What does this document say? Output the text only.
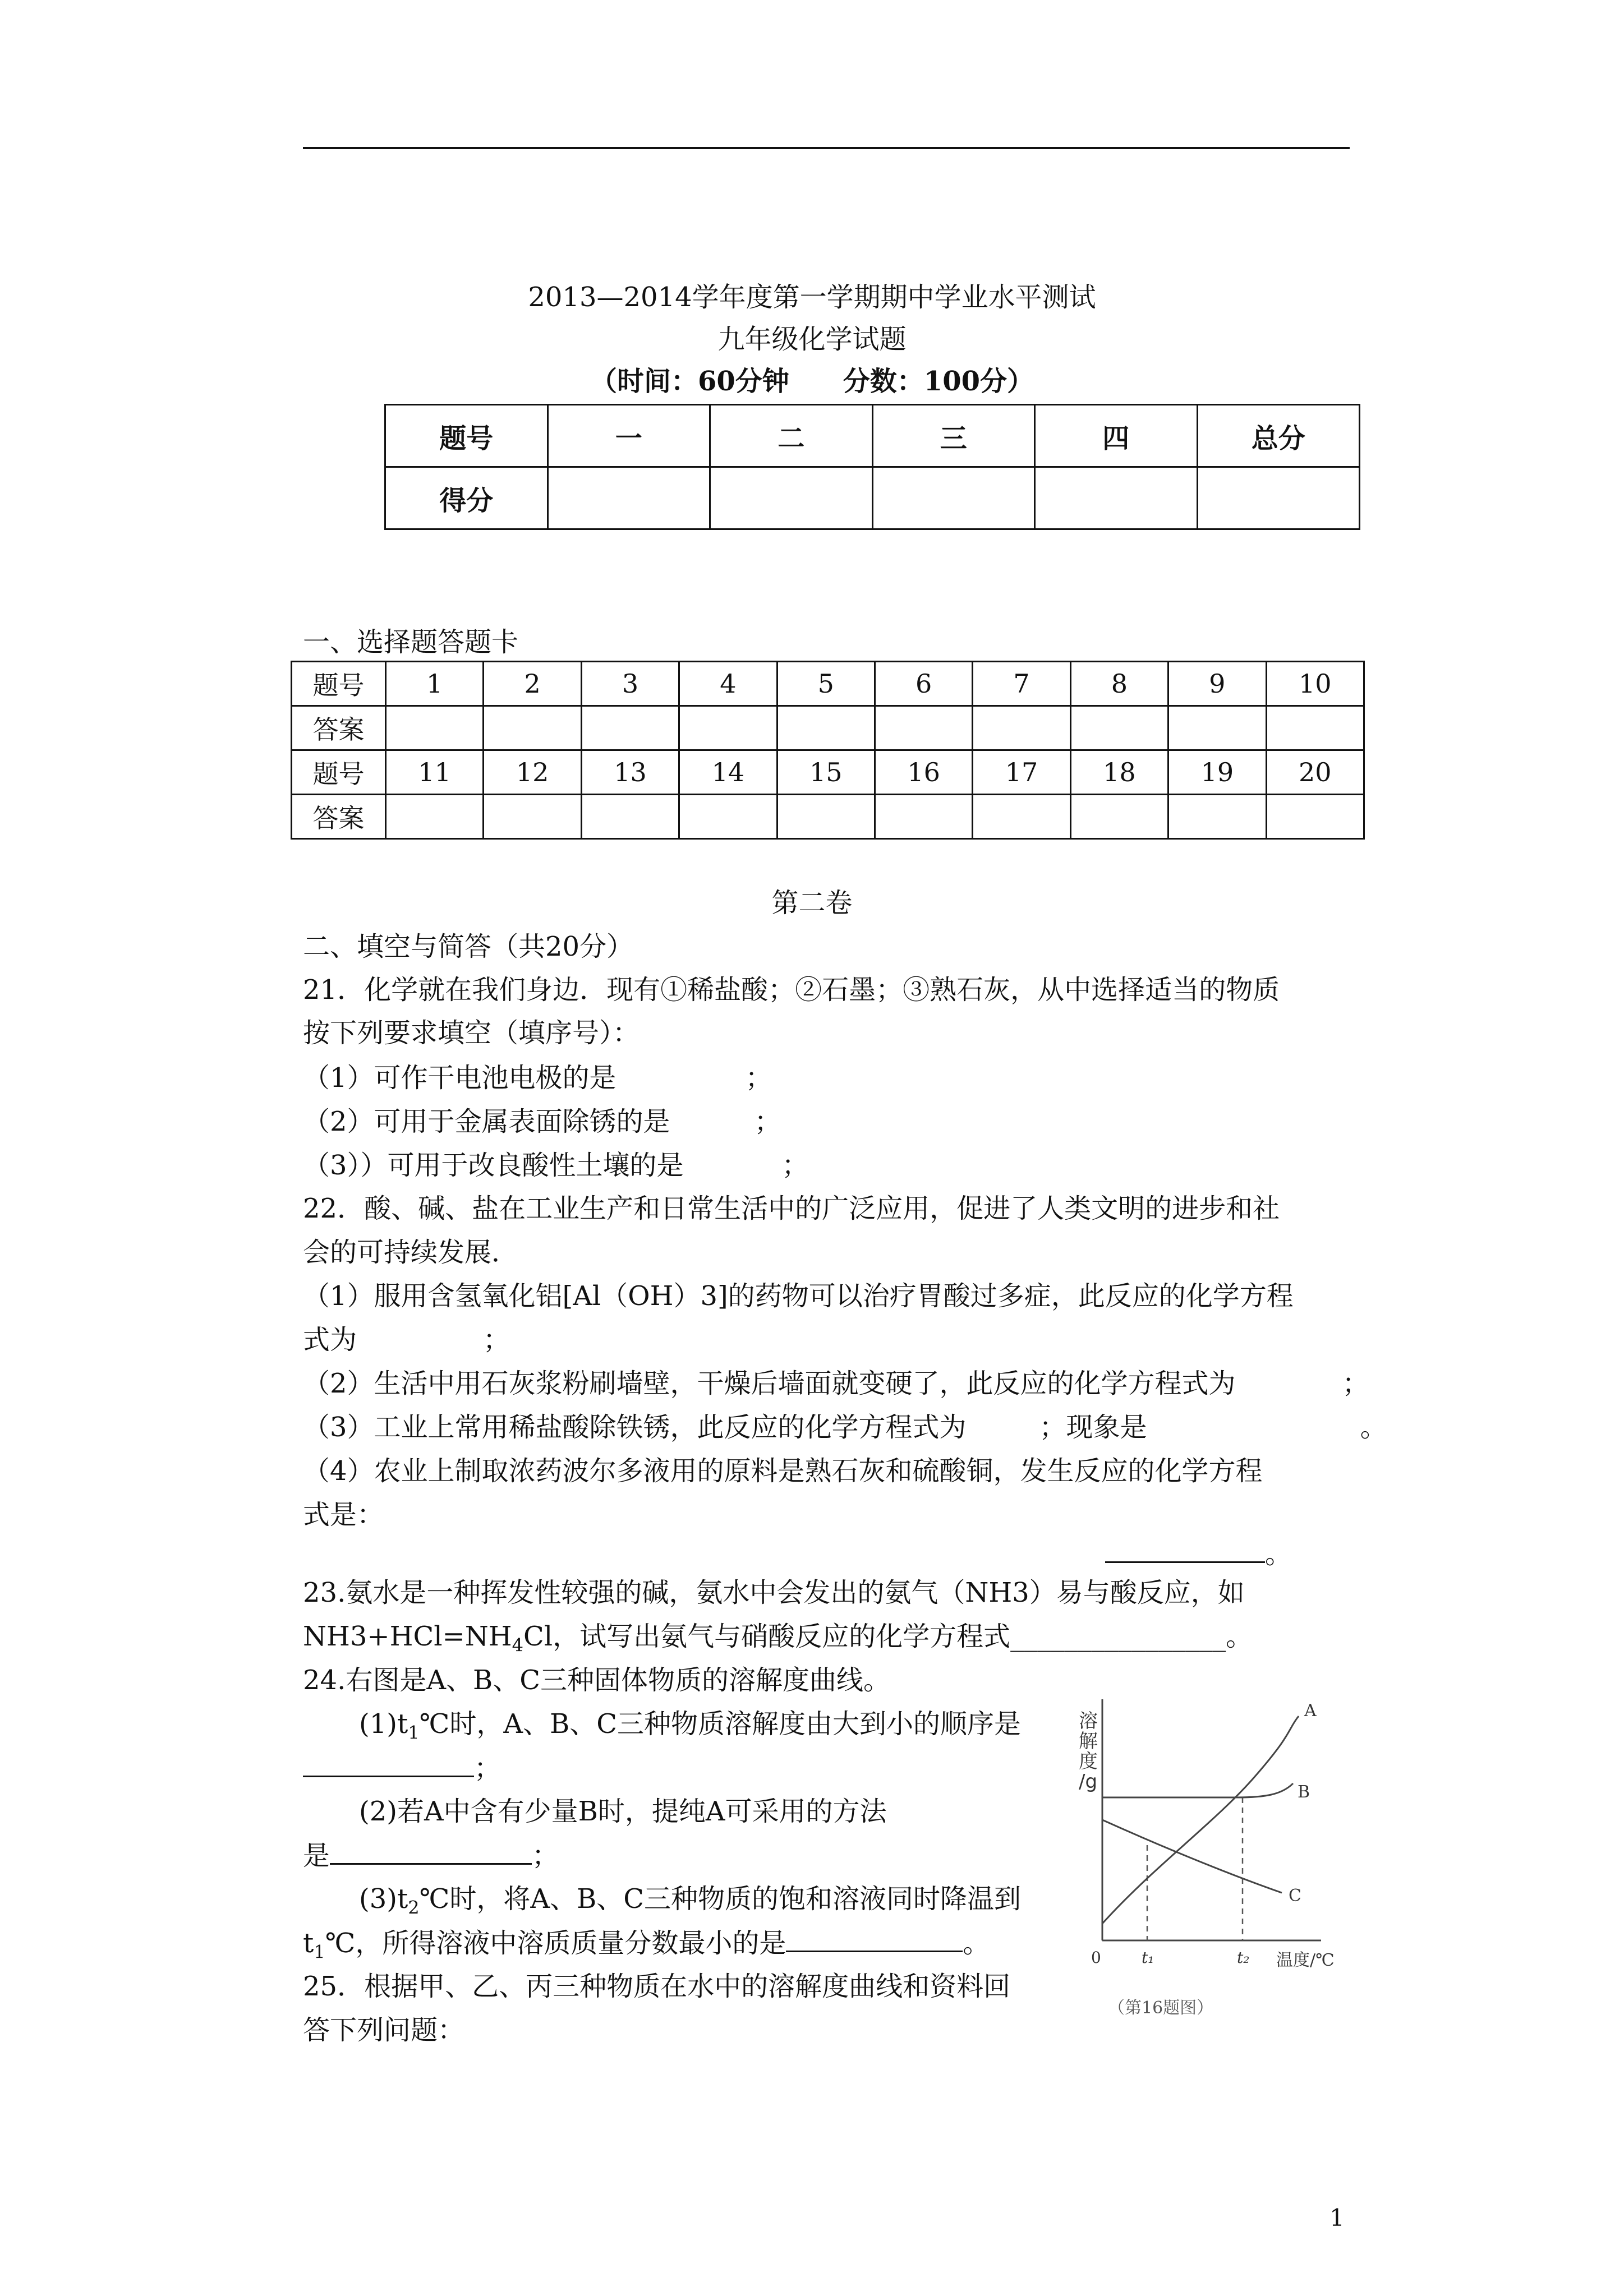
2013—2014学年度第一学期期中学业水平测试
九年级化学试题
（时间：60分钟　　分数：100分）
题号	一	二	三	四	总分
得分					
一、选择题答题卡
题号	1	2	3	4	5	6	7	8	9	10
答案										
题号	11	12	13	14	15	16	17	18	19	20
答案										
第二卷
二、填空与简答（共20分）
21．化学就在我们身边．现有①稀盐酸；②石墨；③熟石灰，从中选择适当的物质
按下列要求填空（填序号）：
（1）可作干电池电极的是	；
（2）可用于金属表面除锈的是	；
（3））可用于改良酸性土壤的是	；
22．酸、碱、盐在工业生产和日常生活中的广泛应用，促进了人类文明的进步和社
会的可持续发展．
（1）服用含氢氧化铝[Al（OH）3]的药物可以治疗胃酸过多症，此反应的化学方程
式为	；
（2）生活中用石灰浆粉刷墙壁，干燥后墙面就变硬了，此反应的化学方程式为	；
（3）工业上常用稀盐酸除铁锈，此反应的化学方程式为	；现象是	。
（4）农业上制取浓药波尔多液用的原料是熟石灰和硫酸铜，发生反应的化学方程
式是：
。
23.氨水是一种挥发性较强的碱，氨水中会发出的氨气（NH3）易与酸反应，如
$NH3+HCl=NH_4Cl$，试写出氨气与硝酸反应的化学方程式________________。
24.右图是A、B、C三种固体物质的溶解度曲线。
$(1)t_1℃$时，A、B、C三种物质溶解度由大到小的顺序是
；
(2)若A中含有少量B时，提纯A可采用的方法
是	；
$(3)t_2℃$时，将A、B、C三种物质的饱和溶液同时降温到
$t_1℃$，所得溶液中溶质质量分数最小的是	。
25．根据甲、乙、丙三种物质在水中的溶解度曲线和资料回
答下列问题：
溶 解 度 /g
A
B
C
0	t₁	t₂ 温度/℃
（第16题图）
1
